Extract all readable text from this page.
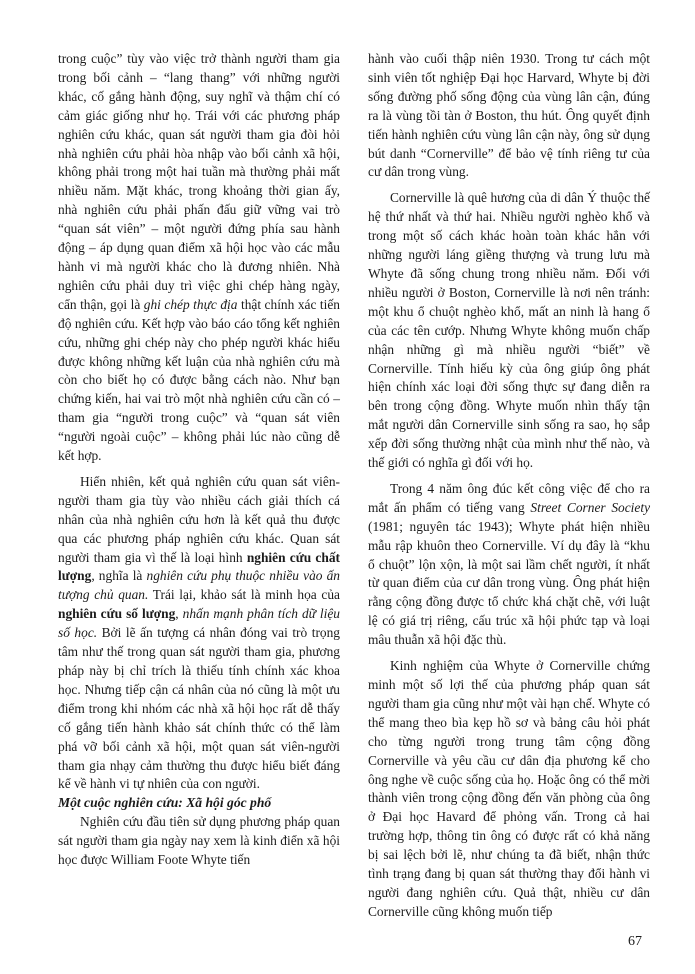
trong cuộc” tùy vào việc trở thành người tham gia trong bối cảnh – “lang thang” với những người khác, cố gắng hành động, suy nghĩ và thậm chí có cảm giác giống như họ. Trái với các phương pháp nghiên cứu khác, quan sát người tham gia đòi hỏi nhà nghiên cứu phải hòa nhập vào bối cảnh xã hội, không phải trong một hai tuần mà thường phải mất nhiều năm. Mặt khác, trong khoảng thời gian ấy, nhà nghiên cứu phải phấn đấu giữ vững vai trò “quan sát viên” – một người đứng phía sau hành động – áp dụng quan điểm xã hội học vào các mẫu hành vi mà người khác cho là đương nhiên. Nhà nghiên cứu phải duy trì việc ghi chép hàng ngày, cẩn thận, gọi là ghi chép thực địa thật chính xác tiến độ nghiên cứu. Kết hợp vào báo cáo tổng kết nghiên cứu, những ghi chép này cho phép người khác hiểu được không những kết luận của nhà nghiên cứu mà còn cho biết họ có được bằng cách nào. Như bạn chứng kiến, hai vai trò một nhà nghiên cứu cần có – tham gia “người trong cuộc” và “quan sát viên “người ngoài cuộc” – không phải lúc nào cũng dễ kết hợp.

Hiển nhiên, kết quả nghiên cứu quan sát viên-người tham gia tùy vào nhiều cách giải thích cá nhân của nhà nghiên cứu hơn là kết quả thu được qua các phương pháp nghiên cứu khác. Quan sát người tham gia vì thế là loại hình nghiên cứu chất lượng, nghĩa là nghiên cứu phụ thuộc nhiều vào ấn tượng chủ quan. Trái lại, khảo sát là minh họa của nghiên cứu số lượng, nhấn mạnh phân tích dữ liệu số học. Bởi lẽ ấn tượng cá nhân đóng vai trò trọng tâm như thế trong quan sát người tham gia, phương pháp này bị chỉ trích là thiếu tính chính xác khoa học. Nhưng tiếp cận cá nhân của nó cũng là một ưu điểm trong khi nhóm các nhà xã hội học rất dễ thấy cố gắng tiến hành khảo sát chính thức có thể làm phá vỡ bối cảnh xã hội, một quan sát viên-người tham gia nhạy cảm thường thu được hiểu biết đáng kể về hành vi tự nhiên của con người.

Một cuộc nghiên cứu: Xã hội góc phố

Nghiên cứu đầu tiên sử dụng phương pháp quan sát người tham gia ngày nay xem là kinh điển xã hội học được William Foote Whyte tiến

hành vào cuối thập niên 1930. Trong tư cách một sinh viên tốt nghiệp Đại học Harvard, Whyte bị đời sống đường phố sống động của vùng lân cận, đúng ra là vùng tồi tàn ở Boston, thu hút. Ông quyết định tiến hành nghiên cứu vùng lân cận này, ông sử dụng bút danh “Cornerville” để bảo vệ tính riêng tư của cư dân trong vùng.

Cornerville là quê hương của di dân Ý thuộc thế hệ thứ nhất và thứ hai. Nhiều người nghèo khổ và trong một số cách khác hoàn toàn khác hẳn với những người láng giềng thượng và trung lưu mà Whyte đã sống chung trong nhiều năm. Đối với nhiều người ở Boston, Cornerville là nơi nên tránh: một khu ổ chuột nghèo khổ, mất an ninh là hang ổ của các tên cướp. Nhưng Whyte không muốn chấp nhận những gì mà nhiều người “biết” về Cornerville. Tính hiếu kỳ của ông giúp ông phát hiện chính xác loại đời sống thực sự đang diễn ra bên trong cộng đồng. Whyte muốn nhìn thấy tận mắt người dân Cornerville sinh sống ra sao, họ sắp xếp đời sống thường nhật của mình như thế nào, và thế giới có nghĩa gì đối với họ.

Trong 4 năm ông đúc kết công việc để cho ra mắt ấn phẩm có tiếng vang Street Corner Society (1981; nguyên tác 1943); Whyte phát hiện nhiều mẫu rập khuôn theo Cornerville. Ví dụ đây là “khu ổ chuột” lộn xộn, là một sai lầm chết người, ít nhất từ quan điểm của cư dân trong vùng. Ông phát hiện rằng cộng đồng được tổ chức khá chặt chẽ, với luật lệ có giá trị riêng, cấu trúc xã hội phức tạp và loại mâu thuẫn xã hội đặc thù.

Kinh nghiệm của Whyte ở Cornerville chứng minh một số lợi thế của phương pháp quan sát người tham gia cũng như một vài hạn chế. Whyte có thể mang theo bìa kẹp hồ sơ và bảng câu hỏi phát cho từng người trong trung tâm cộng đồng Cornerville và yêu cầu cư dân địa phương kể cho ông nghe về cuộc sống của họ. Hoặc ông có thể mời thành viên trong cộng đồng đến văn phòng của ông ở Đại học Havard để phỏng vấn. Trong cả hai trường hợp, thông tin ông có được rất có khả năng bị sai lệch bởi lẽ, như chúng ta đã biết, nhận thức tình trạng đang bị quan sát thường thay đổi hành vi người đang nghiên cứu. Quả thật, nhiều cư dân Cornerville cũng không muốn tiếp

67
